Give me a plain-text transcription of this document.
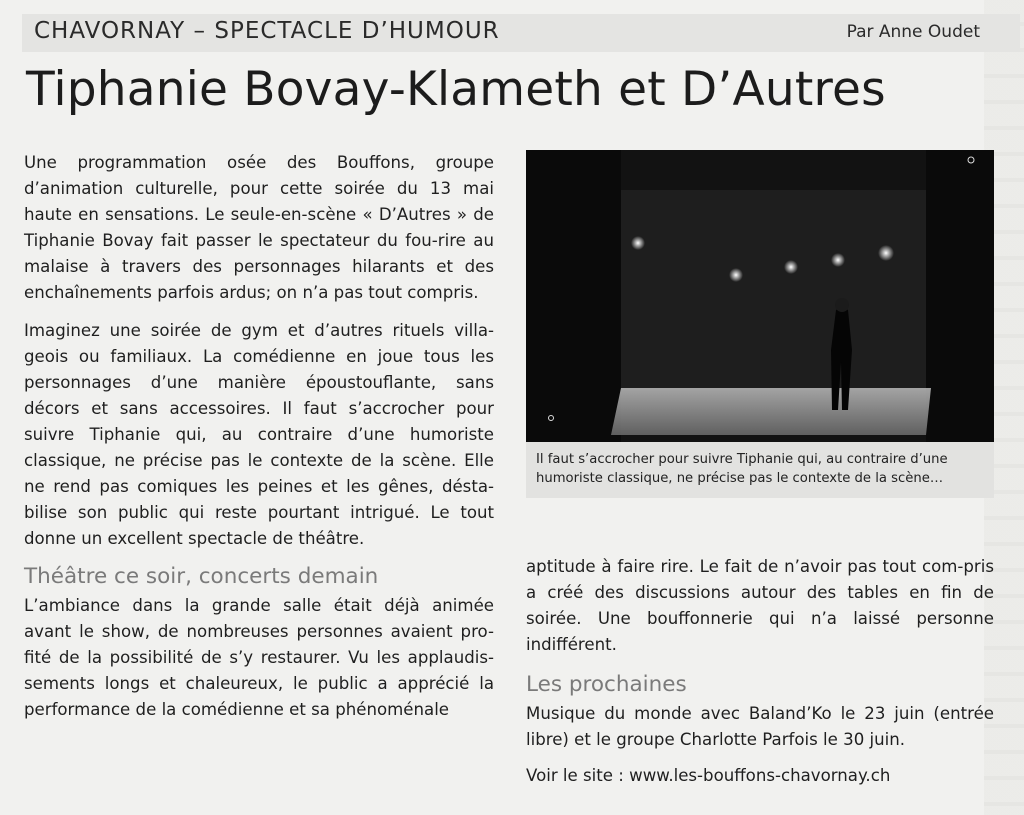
CHAVORNAY – SPECTACLE D’HUMOUR	Par Anne Oudet
Tiphanie Bovay-Klameth et D’Autres

Une programmation osée des Bouffons, groupe d’animation culturelle, pour cette soirée du 13 mai haute en sensations. Le seule-en-scène « D’Autres » de Tiphanie Bovay fait passer le spectateur du fou-rire au malaise à travers des personnages hilarants et des enchaînements parfois ardus; on n’a pas tout compris.

Imaginez une soirée de gym et d’autres rituels villa-geois ou familiaux. La comédienne en joue tous les personnages d’une manière époustouflante, sans décors et sans accessoires. Il faut s’accrocher pour suivre Tiphanie qui, au contraire d’une humoriste classique, ne précise pas le contexte de la scène. Elle ne rend pas comiques les peines et les gênes, désta-bilise son public qui reste pourtant intrigué. Le tout donne un excellent spectacle de théâtre.

Théâtre ce soir, concerts demain

L’ambiance dans la grande salle était déjà animée avant le show, de nombreuses personnes avaient pro-fité de la possibilité de s’y restaurer. Vu les applaudis-sements longs et chaleureux, le public a apprécié la performance de la comédienne et sa phénoménale

Il faut s’accrocher pour suivre Tiphanie qui, au contraire d’une humoriste classique, ne précise pas le contexte de la scène…

aptitude à faire rire. Le fait de n’avoir pas tout com-pris a créé des discussions autour des tables en fin de soirée. Une bouffonnerie qui n’a laissé personne indifférent.

Les prochaines

Musique du monde avec Baland’Ko le 23 juin (entrée libre) et le groupe Charlotte Parfois le 30 juin.

Voir le site : www.les-bouffons-chavornay.ch
